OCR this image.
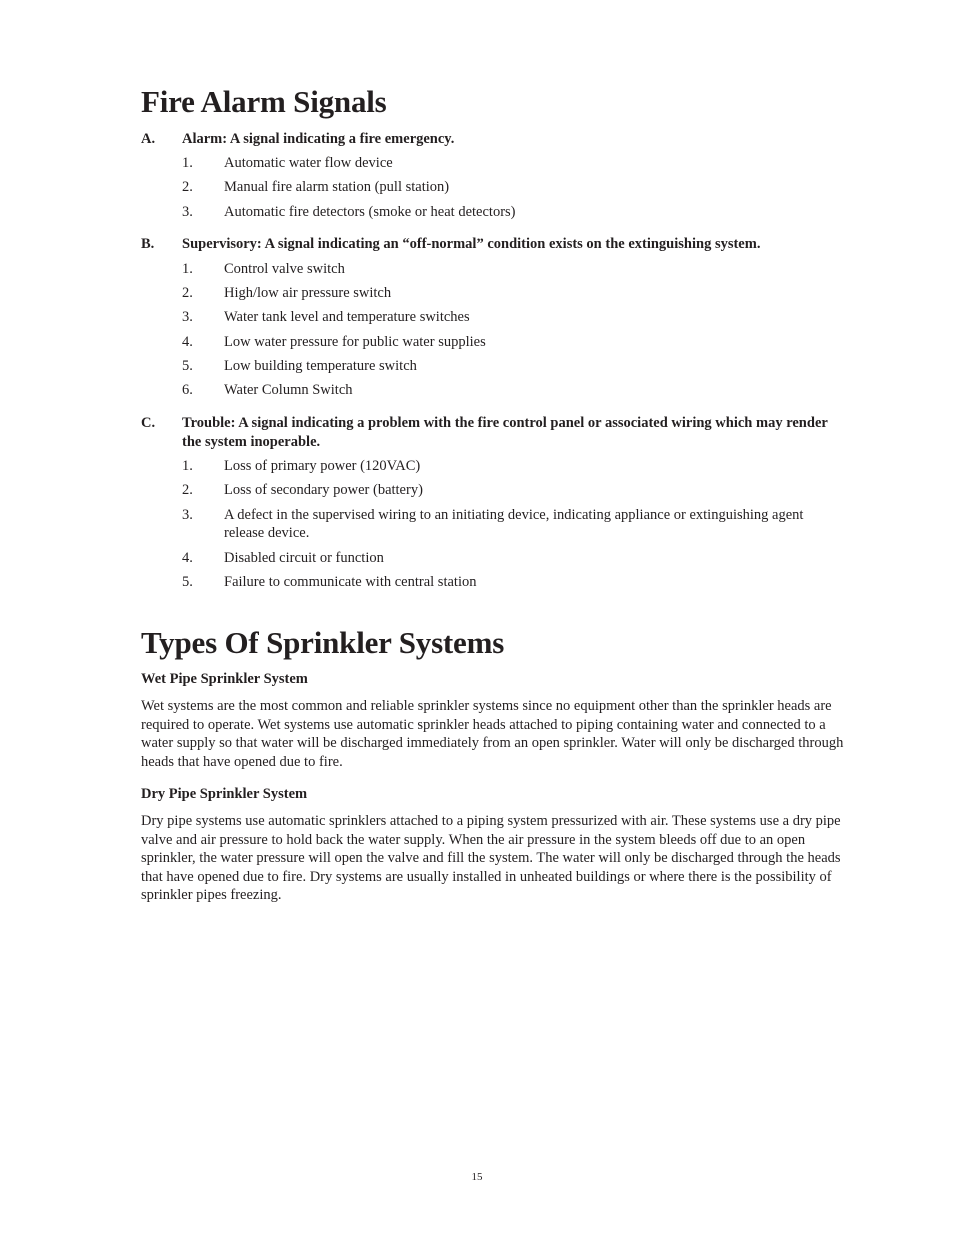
Fire Alarm Signals
A.	Alarm: A signal indicating a fire emergency.
1.	Automatic water flow device
2.	Manual fire alarm station (pull station)
3.	Automatic fire detectors (smoke or heat detectors)
B.	Supervisory: A signal indicating an “off-normal” condition exists on the extinguishing system.
1.	Control valve switch
2.	High/low air pressure switch
3.	Water tank level and temperature switches
4.	Low water pressure for public water supplies
5.	Low building temperature switch
6.	Water Column Switch
C.	Trouble: A signal indicating a problem with the fire control panel or associated wiring which may render the system inoperable.
1.	Loss of primary power (120VAC)
2.	Loss of secondary power (battery)
3.	A defect in the supervised wiring to an initiating device, indicating appliance or extinguishing agent release device.
4.	Disabled circuit or function
5.	Failure to communicate with central station
Types Of Sprinkler Systems
Wet Pipe Sprinkler System

Wet systems are the most common and reliable sprinkler systems since no equipment other than the sprinkler heads are required to operate. Wet systems use automatic sprinkler heads attached to piping containing water and connected to a water supply so that water will be discharged immediately from an open sprinkler. Water will only be discharged through heads that have opened due to fire.

Dry Pipe Sprinkler System

Dry pipe systems use automatic sprinklers attached to a piping system pressurized with air. These systems use a dry pipe valve and air pressure to hold back the water supply. When the air pressure in the system bleeds off due to an open sprinkler, the water pressure will open the valve and fill the system. The water will only be discharged through the heads that have opened due to fire. Dry systems are usually installed in unheated buildings or where there is the possibility of sprinkler pipes freezing.

15
